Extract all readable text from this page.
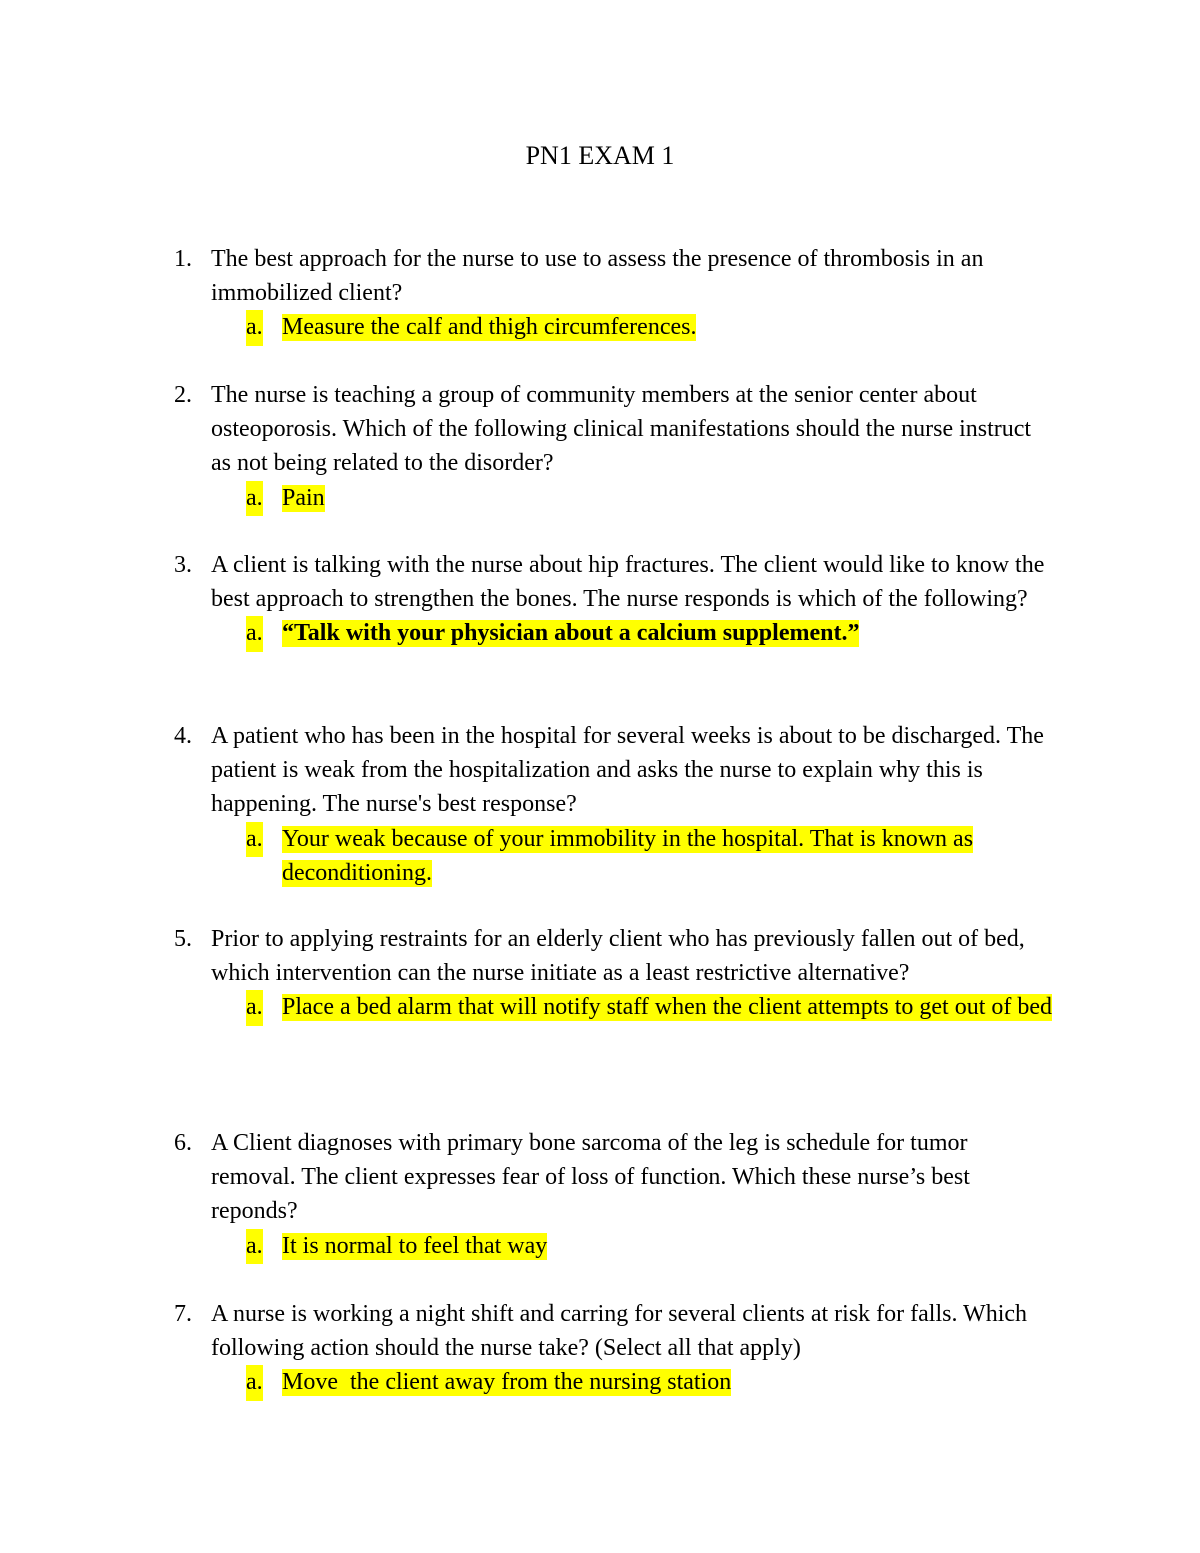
PN1 EXAM 1
1. The best approach for the nurse to use to assess the presence of thrombosis in an immobilized client?
a. Measure the calf and thigh circumferences.
2. The nurse is teaching a group of community members at the senior center about osteoporosis. Which of the following clinical manifestations should the nurse instruct as not being related to the disorder?
a. Pain
3. A client is talking with the nurse about hip fractures. The client would like to know the best approach to strengthen the bones. The nurse responds is which of the following?
a. “Talk with your physician about a calcium supplement.”
4. A patient who has been in the hospital for several weeks is about to be discharged. The patient is weak from the hospitalization and asks the nurse to explain why this is happening. The nurse's best response?
a. Your weak because of your immobility in the hospital. That is known as deconditioning.
5. Prior to applying restraints for an elderly client who has previously fallen out of bed, which intervention can the nurse initiate as a least restrictive alternative?
a. Place a bed alarm that will notify staff when the client attempts to get out of bed
6. A Client diagnoses with primary bone sarcoma of the leg is schedule for tumor removal. The client expresses fear of loss of function. Which these nurse’s best reponds?
a. It is normal to feel that way
7. A nurse is working a night shift and carring for several clients at risk for falls. Which following action should the nurse take? (Select all that apply)
a. Move  the client away from the nursing station
